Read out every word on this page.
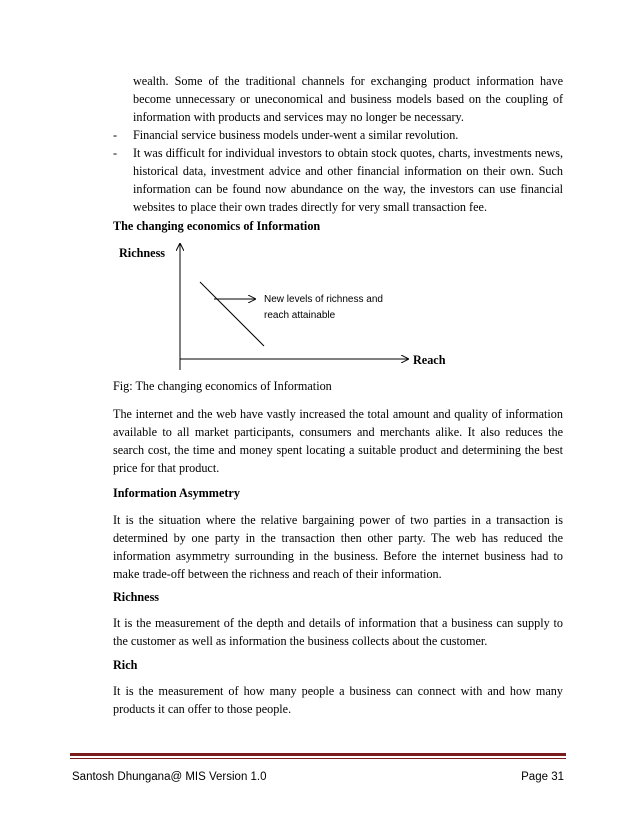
wealth. Some of the traditional channels for exchanging product information have become unnecessary or uneconomical and business models based on the coupling of information with products and services may no longer be necessary.

- Financial service business models under-went a similar revolution.

- It was difficult for individual investors to obtain stock quotes, charts, investments news, historical data, investment advice and other financial information on their own. Such information can be found now abundance on the way, the investors can use financial websites to place their own trades directly for very small transaction fee.

The changing economics of Information

Richness
Reach
New levels of richness and
reach attainable

Fig: The changing economics of Information

The internet and the web have vastly increased the total amount and quality of information available to all market participants, consumers and merchants alike. It also reduces the search cost, the time and money spent locating a suitable product and determining the best price for that product.

Information Asymmetry

It is the situation where the relative bargaining power of two parties in a transaction is determined by one party in the transaction then other party. The web has reduced the information asymmetry surrounding in the business. Before the internet business had to make trade-off between the richness and reach of their information.

Richness

It is the measurement of the depth and details of information that a business can supply to the customer as well as information the business collects about the customer.

Rich

It is the measurement of how many people a business can connect with and how many products it can offer to those people.

Santosh Dhungana@ MIS Version 1.0	Page 31
